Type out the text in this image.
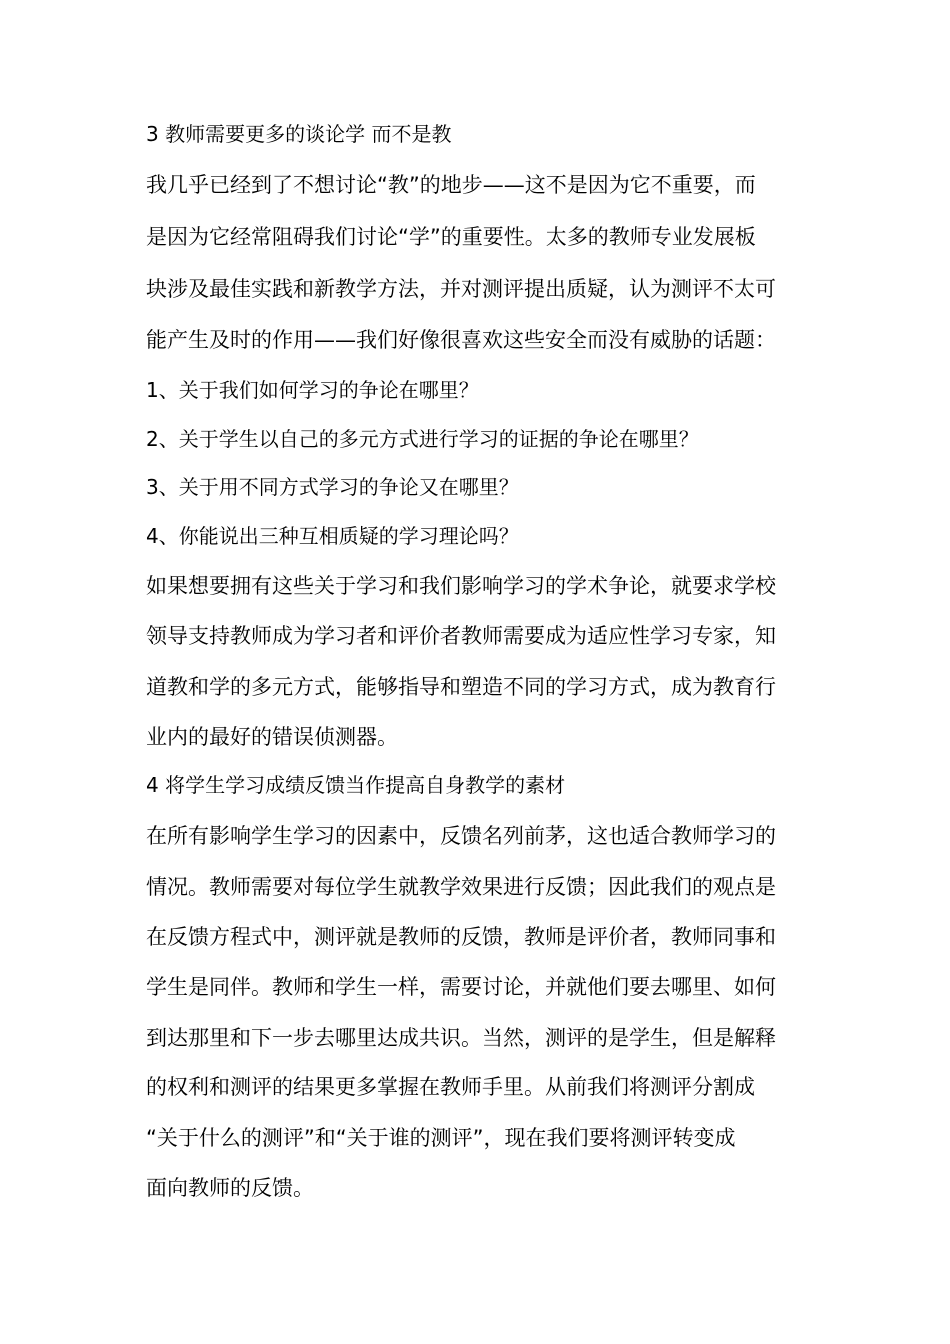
3 教师需要更多的谈论学 而不是教
我几乎已经到了不想讨论“教”的地步——这不是因为它不重要，而
是因为它经常阻碍我们讨论“学”的重要性。太多的教师专业发展板
块涉及最佳实践和新教学方法，并对测评提出质疑，认为测评不太可
能产生及时的作用——我们好像很喜欢这些安全而没有威胁的话题：
1、关于我们如何学习的争论在哪里？
2、关于学生以自己的多元方式进行学习的证据的争论在哪里？
3、关于用不同方式学习的争论又在哪里？
4、你能说出三种互相质疑的学习理论吗？
如果想要拥有这些关于学习和我们影响学习的学术争论，就要求学校
领导支持教师成为学习者和评价者教师需要成为适应性学习专家，知
道教和学的多元方式，能够指导和塑造不同的学习方式，成为教育行
业内的最好的错误侦测器。
4 将学生学习成绩反馈当作提高自身教学的素材
在所有影响学生学习的因素中，反馈名列前茅，这也适合教师学习的
情况。教师需要对每位学生就教学效果进行反馈；因此我们的观点是
在反馈方程式中，测评就是教师的反馈，教师是评价者，教师同事和
学生是同伴。教师和学生一样，需要讨论，并就他们要去哪里、如何
到达那里和下一步去哪里达成共识。当然，测评的是学生，但是解释
的权利和测评的结果更多掌握在教师手里。从前我们将测评分割成
“关于什么的测评”和“关于谁的测评”，现在我们要将测评转变成
面向教师的反馈。
